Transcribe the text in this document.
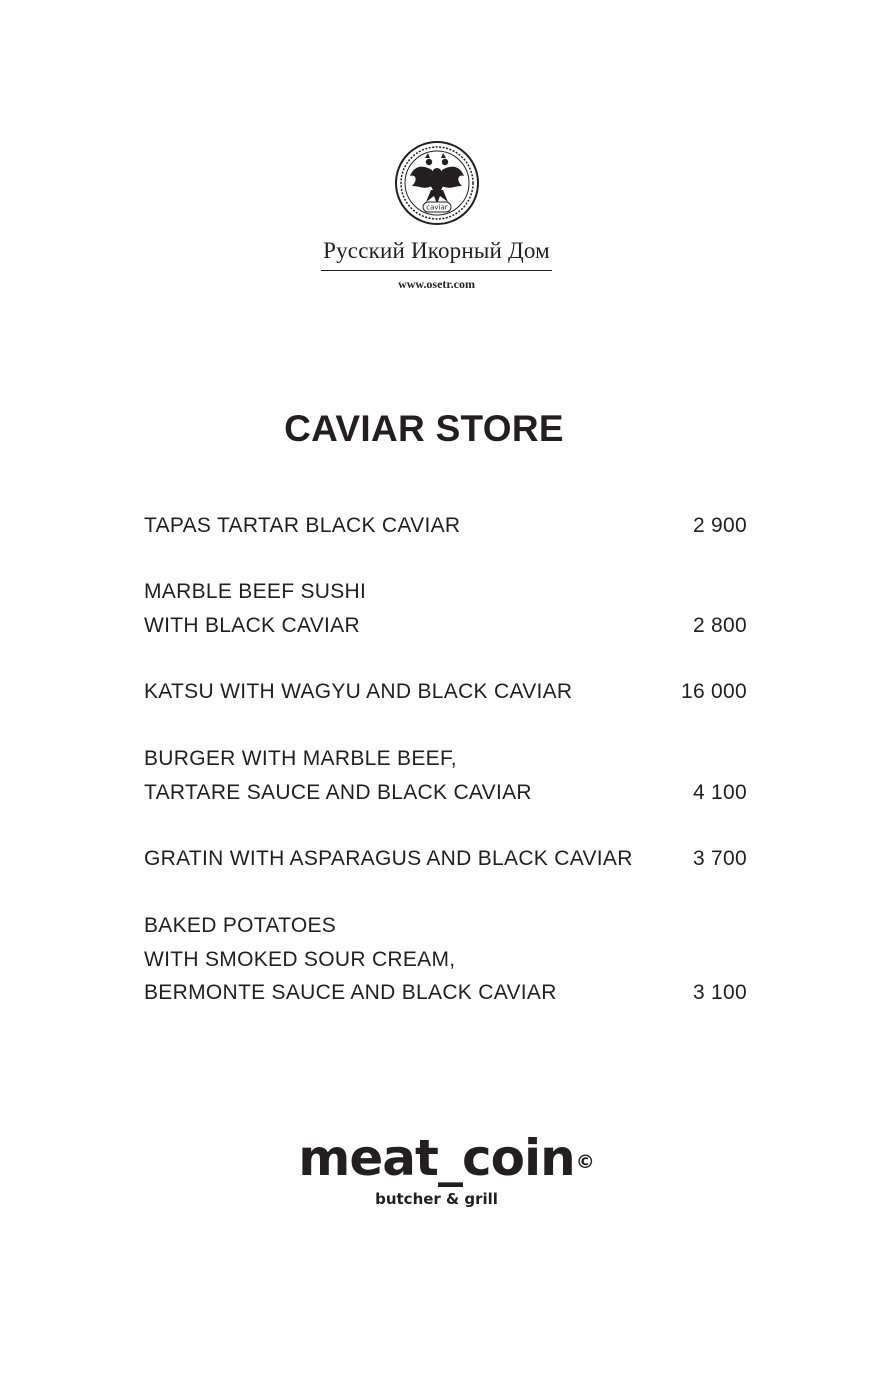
caviar
Русский Икорный Дом
www.osetr.com
CAVIAR STORE
TAPAS TARTAR BLACK CAVIAR	2 900
MARBLE BEEF SUSHI
WITH BLACK CAVIAR	2 800
KATSU WITH WAGYU AND BLACK CAVIAR	16 000
BURGER WITH MARBLE BEEF,
TARTARE SAUCE AND BLACK CAVIAR	4 100
GRATIN WITH ASPARAGUS AND BLACK CAVIAR	3 700
BAKED POTATOES
WITH SMOKED SOUR CREAM,
BERMONTE SAUCE AND BLACK CAVIAR	3 100
meat_coin ©
butcher & grill
